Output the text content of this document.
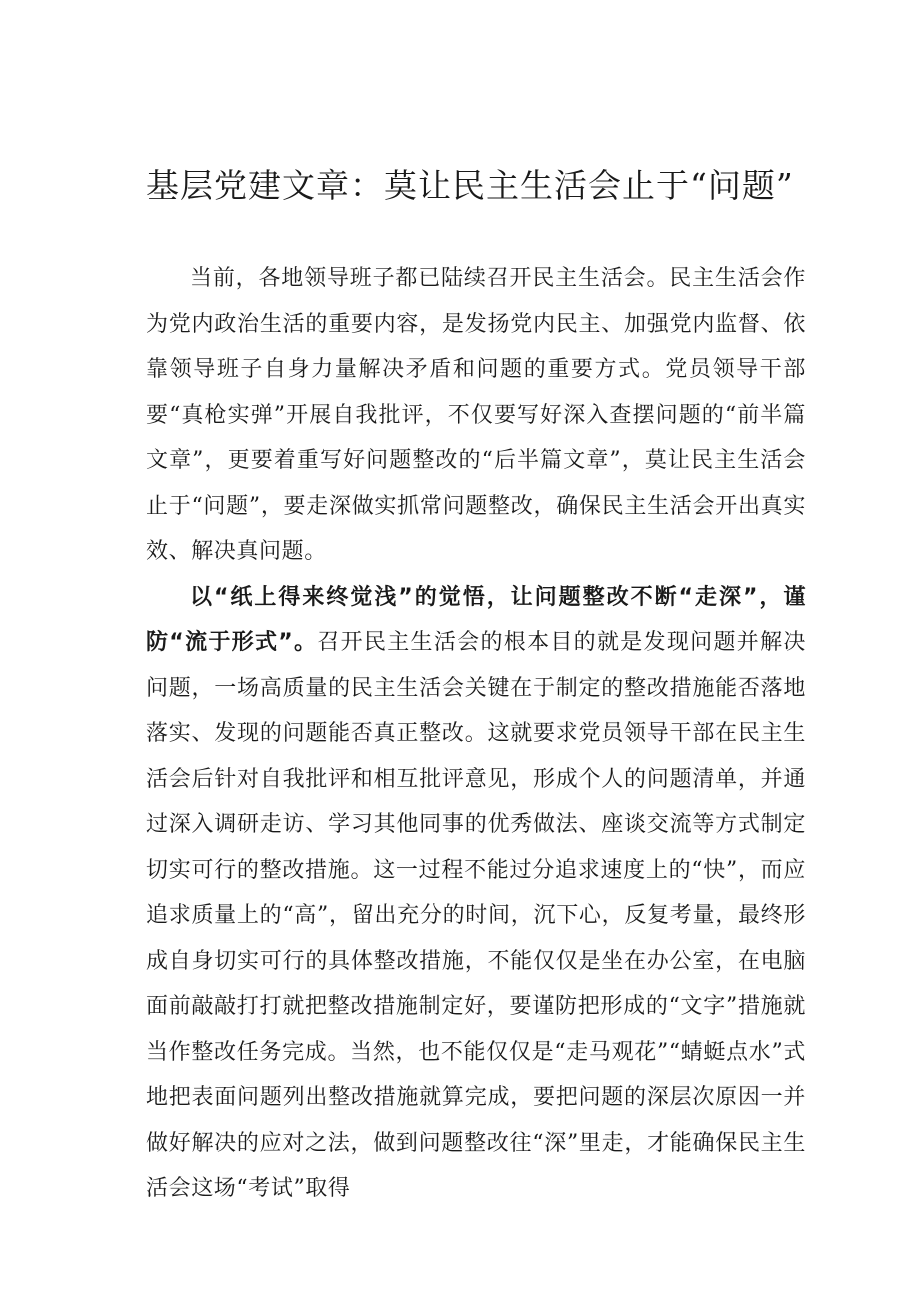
基层党建文章：莫让民主生活会止于“问题”

当前，各地领导班子都已陆续召开民主生活会。民主生活会作为党内政治生活的重要内容，是发扬党内民主、加强党内监督、依靠领导班子自身力量解决矛盾和问题的重要方式。党员领导干部要“真枪实弹”开展自我批评，不仅要写好深入查摆问题的“前半篇文章”，更要着重写好问题整改的“后半篇文章”，莫让民主生活会止于“问题”，要走深做实抓常问题整改，确保民主生活会开出真实效、解决真问题。

以“纸上得来终觉浅”的觉悟，让问题整改不断“走深”，谨防“流于形式”。召开民主生活会的根本目的就是发现问题并解决问题，一场高质量的民主生活会关键在于制定的整改措施能否落地落实、发现的问题能否真正整改。这就要求党员领导干部在民主生活会后针对自我批评和相互批评意见，形成个人的问题清单，并通过深入调研走访、学习其他同事的优秀做法、座谈交流等方式制定切实可行的整改措施。这一过程不能过分追求速度上的“快”，而应追求质量上的“高”，留出充分的时间，沉下心，反复考量，最终形成自身切实可行的具体整改措施，不能仅仅是坐在办公室，在电脑面前敲敲打打就把整改措施制定好，要谨防把形成的“文字”措施就当作整改任务完成。当然，也不能仅仅是“走马观花”“蜻蜓点水”式地把表面问题列出整改措施就算完成，要把问题的深层次原因一并做好解决的应对之法，做到问题整改往“深”里走，才能确保民主生活会这场“考试”取得
